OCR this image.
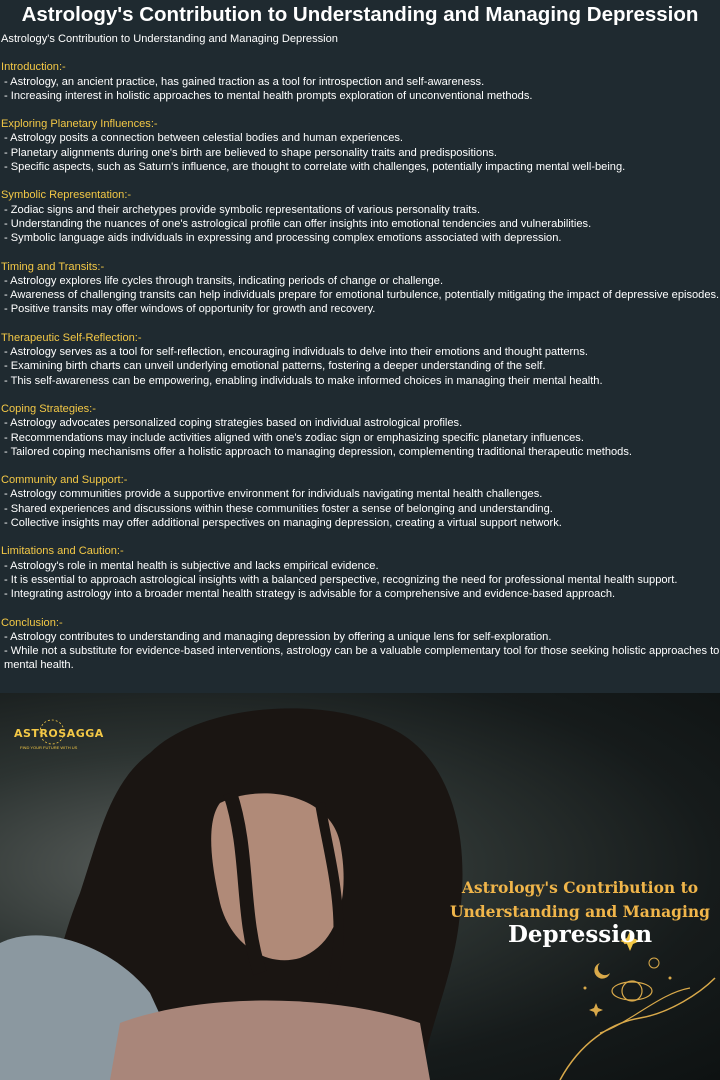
Astrology's Contribution to Understanding and Managing Depression
Astrology's Contribution to Understanding and Managing Depression
Introduction:-
- Astrology, an ancient practice, has gained traction as a tool for introspection and self-awareness.
- Increasing interest in holistic approaches to mental health prompts exploration of unconventional methods.
Exploring Planetary Influences:-
- Astrology posits a connection between celestial bodies and human experiences.
- Planetary alignments during one's birth are believed to shape personality traits and predispositions.
- Specific aspects, such as Saturn's influence, are thought to correlate with challenges, potentially impacting mental well-being.
Symbolic Representation:-
- Zodiac signs and their archetypes provide symbolic representations of various personality traits.
- Understanding the nuances of one's astrological profile can offer insights into emotional tendencies and vulnerabilities.
- Symbolic language aids individuals in expressing and processing complex emotions associated with depression.
Timing and Transits:-
- Astrology explores life cycles through transits, indicating periods of change or challenge.
- Awareness of challenging transits can help individuals prepare for emotional turbulence, potentially mitigating the impact of depressive episodes.
- Positive transits may offer windows of opportunity for growth and recovery.
Therapeutic Self-Reflection:-
- Astrology serves as a tool for self-reflection, encouraging individuals to delve into their emotions and thought patterns.
- Examining birth charts can unveil underlying emotional patterns, fostering a deeper understanding of the self.
- This self-awareness can be empowering, enabling individuals to make informed choices in managing their mental health.
Coping Strategies:-
- Astrology advocates personalized coping strategies based on individual astrological profiles.
- Recommendations may include activities aligned with one's zodiac sign or emphasizing specific planetary influences.
- Tailored coping mechanisms offer a holistic approach to managing depression, complementing traditional therapeutic methods.
Community and Support:-
- Astrology communities provide a supportive environment for individuals navigating mental health challenges.
- Shared experiences and discussions within these communities foster a sense of belonging and understanding.
- Collective insights may offer additional perspectives on managing depression, creating a virtual support network.
Limitations and Caution:-
- Astrology's role in mental health is subjective and lacks empirical evidence.
- It is essential to approach astrological insights with a balanced perspective, recognizing the need for professional mental health support.
- Integrating astrology into a broader mental health strategy is advisable for a comprehensive and evidence-based approach.
Conclusion:-
- Astrology contributes to understanding and managing depression by offering a unique lens for self-exploration.
- While not a substitute for evidence-based interventions, astrology can be a valuable complementary tool for those seeking holistic approaches to mental health.
ASTROSAGGA
FIND YOUR FUTURE WITH US
Astrology's Contribution to
Understanding and Managing
Depression
